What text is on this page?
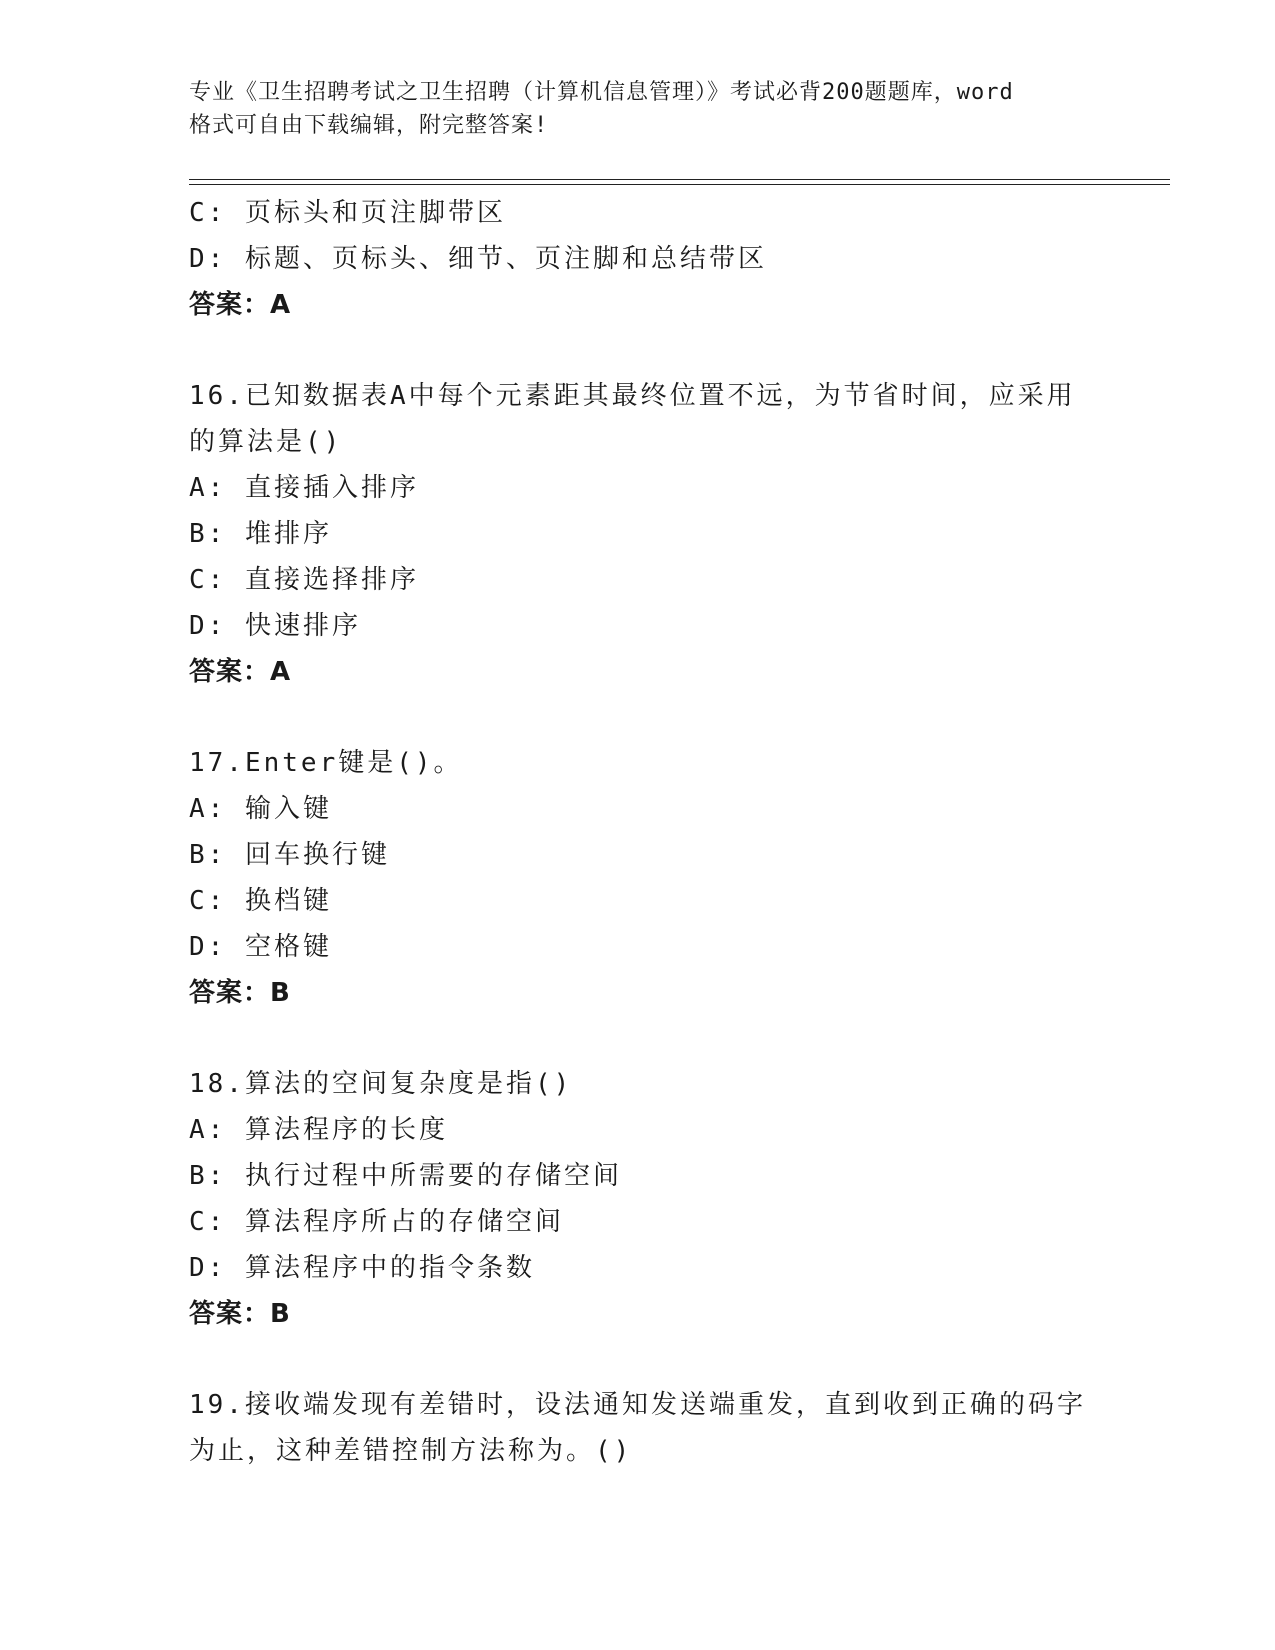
专业《卫生招聘考试之卫生招聘（计算机信息管理）》考试必背200题题库，word
格式可自由下载编辑，附完整答案!
C: 页标头和页注脚带区
D: 标题、页标头、细节、页注脚和总结带区
答案：A
16.已知数据表A中每个元素距其最终位置不远，为节省时间，应采用
的算法是()
A: 直接插入排序
B: 堆排序
C: 直接选择排序
D: 快速排序
答案：A
17.Enter键是()。
A: 输入键
B: 回车换行键
C: 换档键
D: 空格键
答案：B
18.算法的空间复杂度是指()
A: 算法程序的长度
B: 执行过程中所需要的存储空间
C: 算法程序所占的存储空间
D: 算法程序中的指令条数
答案：B
19.接收端发现有差错时，设法通知发送端重发，直到收到正确的码字
为止，这种差错控制方法称为。()
